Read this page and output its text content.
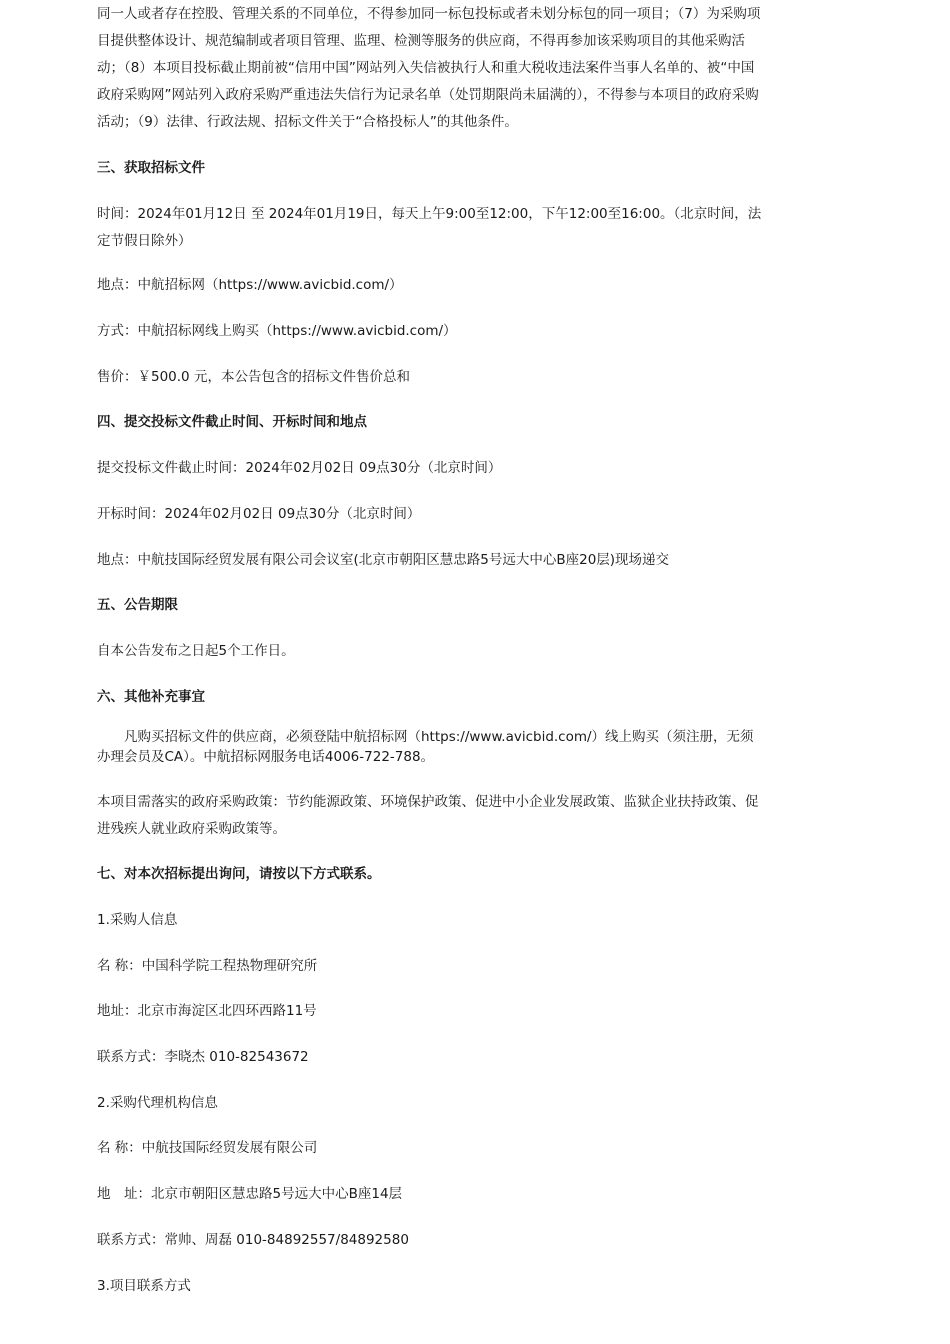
同一人或者存在控股、管理关系的不同单位，不得参加同一标包投标或者未划分标包的同一项目；（7）为采购项目提供整体设计、规范编制或者项目管理、监理、检测等服务的供应商，不得再参加该采购项目的其他采购活动；（8）本项目投标截止期前被“信用中国”网站列入失信被执行人和重大税收违法案件当事人名单的、被“中国政府采购网”网站列入政府采购严重违法失信行为记录名单（处罚期限尚未届满的），不得参与本项目的政府采购活动；（9）法律、行政法规、招标文件关于“合格投标人”的其他条件。

三、获取招标文件

时间：2024年01月12日 至 2024年01月19日，每天上午9:00至12:00，下午12:00至16:00。（北京时间，法定节假日除外）

地点：中航招标网（https://www.avicbid.com/）

方式：中航招标网线上购买（https://www.avicbid.com/）

售价：￥500.0 元，本公告包含的招标文件售价总和

四、提交投标文件截止时间、开标时间和地点

提交投标文件截止时间：2024年02月02日 09点30分（北京时间）

开标时间：2024年02月02日 09点30分（北京时间）

地点：中航技国际经贸发展有限公司会议室(北京市朝阳区慧忠路5号远大中心B座20层)现场递交

五、公告期限

自本公告发布之日起5个工作日。

六、其他补充事宜

凡购买招标文件的供应商，必须登陆中航招标网（https://www.avicbid.com/）线上购买（须注册，无须办理会员及CA）。中航招标网服务电话4006-722-788。

本项目需落实的政府采购政策：节约能源政策、环境保护政策、促进中小企业发展政策、监狱企业扶持政策、促进残疾人就业政府采购政策等。

七、对本次招标提出询问，请按以下方式联系。

1.采购人信息

名 称：中国科学院工程热物理研究所

地址：北京市海淀区北四环西路11号

联系方式：李晓杰 010-82543672

2.采购代理机构信息

名 称：中航技国际经贸发展有限公司

地　址：北京市朝阳区慧忠路5号远大中心B座14层

联系方式：常帅、周磊 010-84892557/84892580

3.项目联系方式
